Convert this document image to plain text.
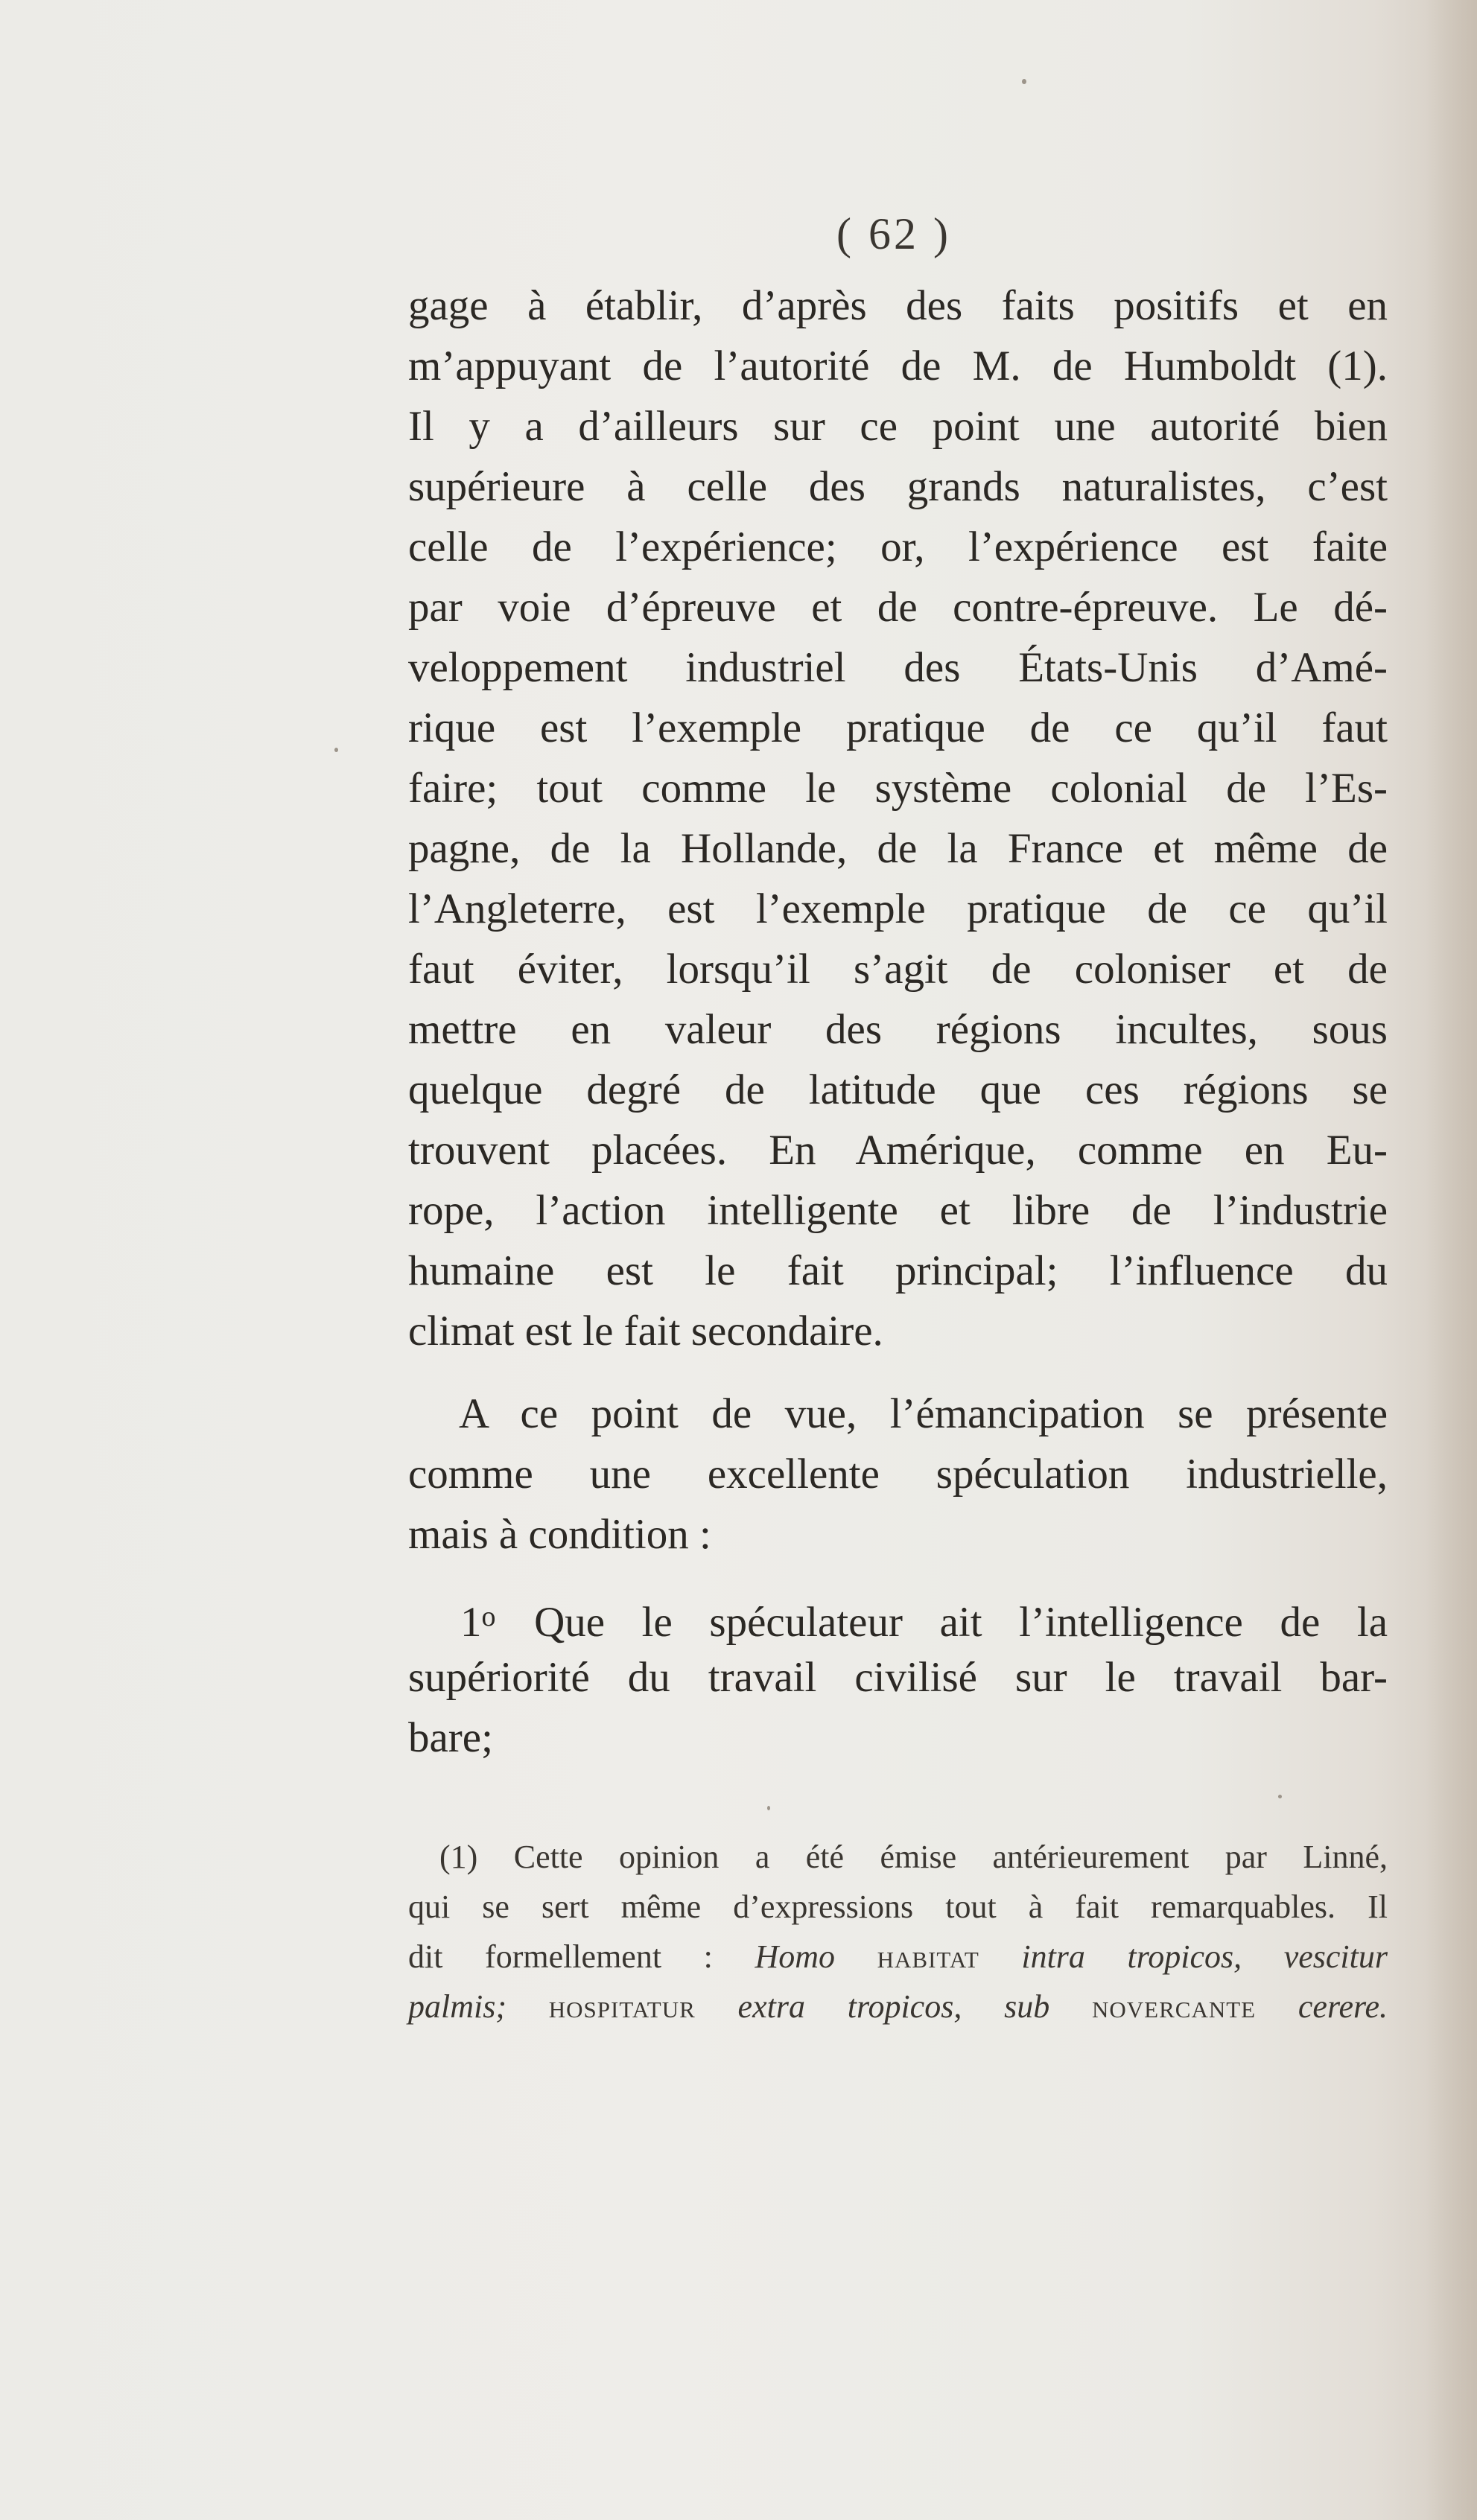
( 62 )
gage à établir, d’après des faits positifs et en
m’appuyant de l’autorité de M. de Humboldt (1).
Il y a d’ailleurs sur ce point une autorité bien
supérieure à celle des grands naturalistes, c’est
celle de l’expérience; or, l’expérience est faite
par voie d’épreuve et de contre-épreuve. Le dé-
veloppement industriel des États-Unis d’Amé-
rique est l’exemple pratique de ce qu’il faut
faire; tout comme le système colonial de l’Es-
pagne, de la Hollande, de la France et même de
l’Angleterre, est l’exemple pratique de ce qu’il
faut éviter, lorsqu’il s’agit de coloniser et de
mettre en valeur des régions incultes, sous
quelque degré de latitude que ces régions se
trouvent placées. En Amérique, comme en Eu-
rope, l’action intelligente et libre de l’industrie
humaine est le fait principal; l’influence du
climat est le fait secondaire.
A ce point de vue, l’émancipation se présente
comme une excellente spéculation industrielle,
mais à condition :
1$^o$ Que le spéculateur ait l’intelligence de la
supériorité du travail civilisé sur le travail bar-
bare;
(1) Cette opinion a été émise antérieurement par Linné,
qui se sert même d’expressions tout à fait remarquables. Il
dit formellement : Homo habitat intra tropicos, vescitur
palmis; hospitatur extra tropicos, sub novercante cerere.
